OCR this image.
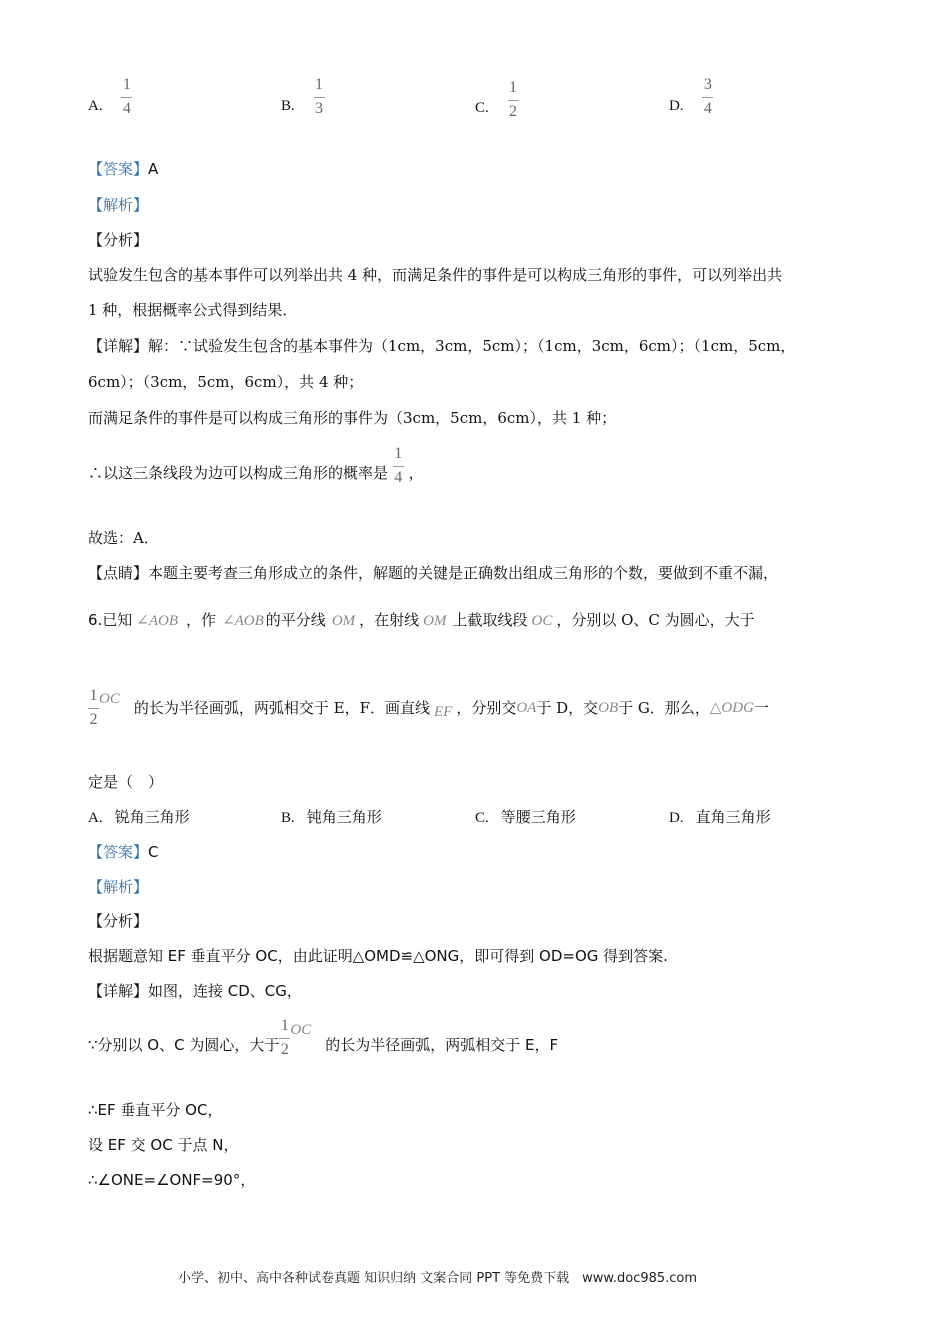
A. $\frac{1}{4}$	B. $\frac{1}{3}$	C. $\frac{1}{2}$	D. $\frac{3}{4}$
【答案】A
【解析】
【分析】
试验发生包含的基本事件可以列举出共 4 种，而满足条件的事件是可以构成三角形的事件，可以列举出共
1 种，根据概率公式得到结果．
【详解】解：∵试验发生包含的基本事件为（1cm，3cm，5cm）；（1cm，3cm，6cm）；（1cm，5cm，
6cm）；（3cm，5cm，6cm），共 4 种；
而满足条件的事件是可以构成三角形的事件为（3cm，5cm，6cm），共 1 种；
∴以这三条线段为边可以构成三角形的概率是 $\frac{1}{4}$ ，
故选：A．
【点睛】本题主要考查三角形成立的条件，解题的关键是正确数出组成三角形的个数，要做到不重不漏，
6.已知 ∠AOB ，作 ∠AOB 的平分线 OM ，在射线 OM 上截取线段 OC ，分别以 O、C 为圆心，大于
$\frac{1}{2}$ OC 的长为半径画弧，两弧相交于 E，F．画直线 EF ，分别交OA于 D，交OB于 G．那么，△ODG一
定是（　）
A. 锐角三角形	B. 钝角三角形	C. 等腰三角形	D. 直角三角形
【答案】C
【解析】
【分析】
根据题意知 EF 垂直平分 OC，由此证明△OMD≌△ONG，即可得到 OD=OG 得到答案.
【详解】如图，连接 CD、CG，
∵分别以 O、C 为圆心，大于 $\frac{1}{2}$ OC的长为半径画弧，两弧相交于 E，F
∴EF 垂直平分 OC，
设 EF 交 OC 于点 N，
∴∠ONE=∠ONF=90°，
小学、初中、高中各种试卷真题 知识归纳 文案合同 PPT 等免费下载　www.doc985.com
